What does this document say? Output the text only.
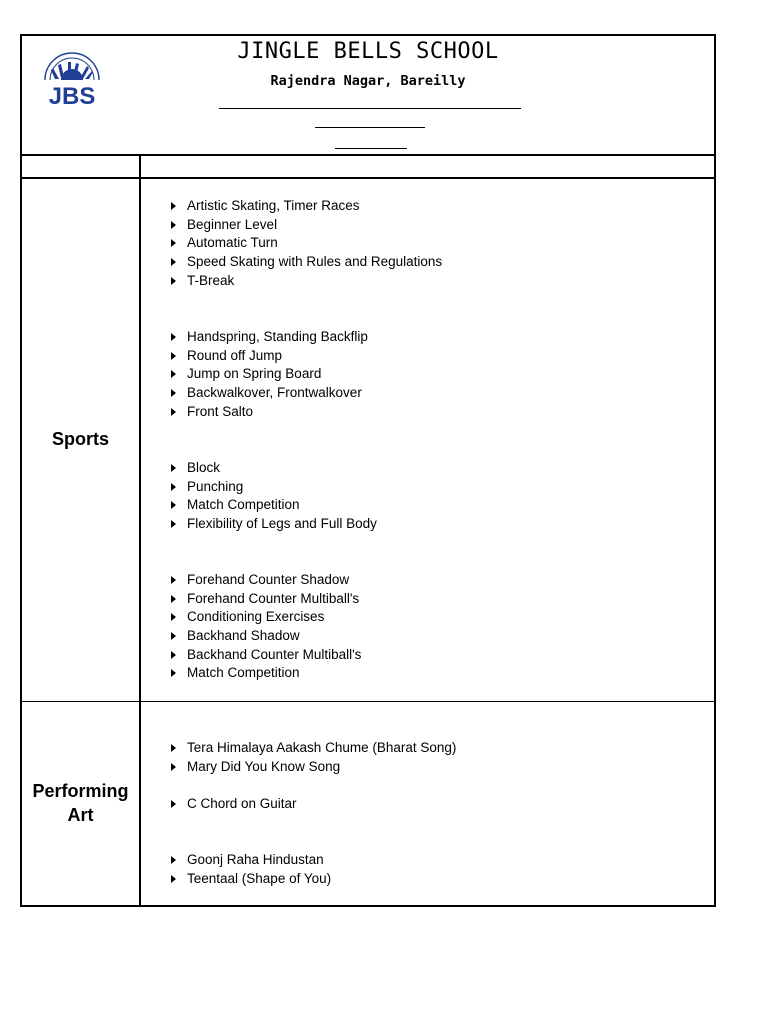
JBS
JINGLE BELLS SCHOOL
Rajendra Nagar, Bareilly
Sports
Artistic Skating, Timer Races
Beginner Level
Automatic Turn
Speed Skating with Rules and Regulations
T-Break
Handspring, Standing Backflip
Round off Jump
Jump on Spring Board
Backwalkover, Frontwalkover
Front Salto
Block
Punching
Match Competition
Flexibility of Legs and Full Body
Forehand Counter Shadow
Forehand Counter Multiball's
Conditioning Exercises
Backhand Shadow
Backhand Counter Multiball's
Match Competition
Performing
Art
Tera Himalaya Aakash Chume (Bharat Song)
Mary Did You Know Song
C Chord on Guitar
Goonj Raha Hindustan
Teentaal (Shape of You)
